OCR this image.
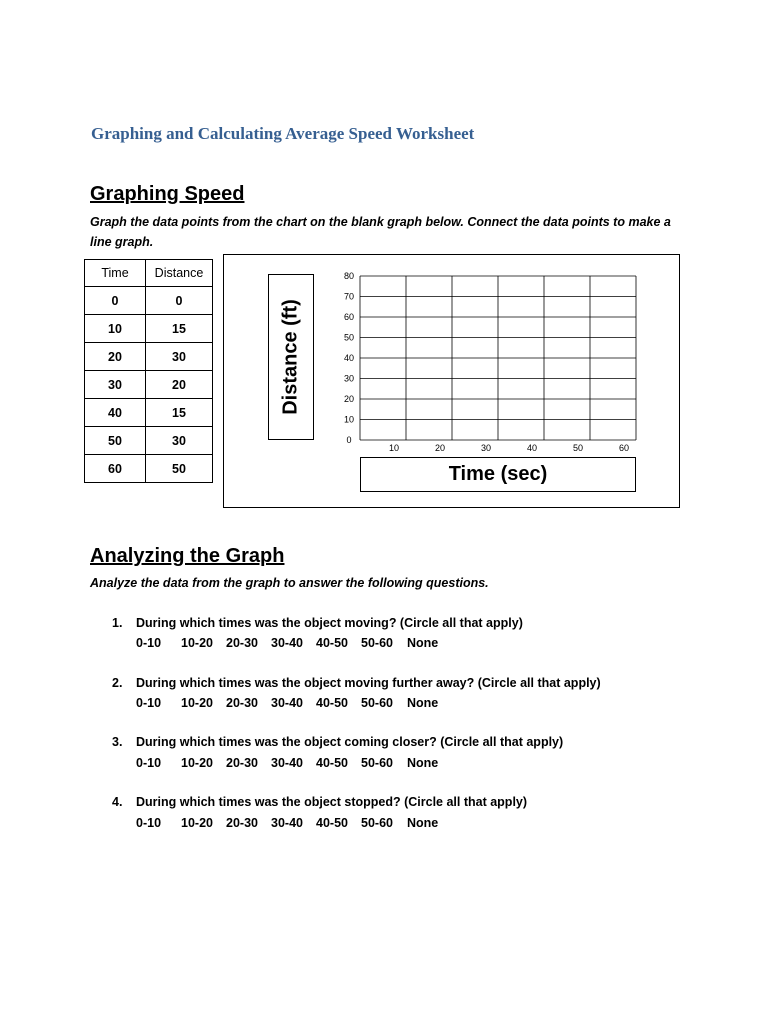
Graphing and Calculating Average Speed Worksheet
Graphing Speed
Graph the data points from the chart on the blank graph below. Connect the data points to make a line graph.
Time	Distance
0	0
10	15
20	30
30	20
40	15
50	30
60	50
Distance (ft)
80
70
60
50
40
30
20
10
0
10	20	30	40	50	60
Time (sec)
Analyzing the Graph
Analyze the data from the graph to answer the following questions.
1. During which times was the object moving? (Circle all that apply)
0-10 10-20 20-30 30-40 40-50 50-60 None
2. During which times was the object moving further away? (Circle all that apply)
0-10 10-20 20-30 30-40 40-50 50-60 None
3. During which times was the object coming closer? (Circle all that apply)
0-10 10-20 20-30 30-40 40-50 50-60 None
4. During which times was the object stopped? (Circle all that apply)
0-10 10-20 20-30 30-40 40-50 50-60 None
